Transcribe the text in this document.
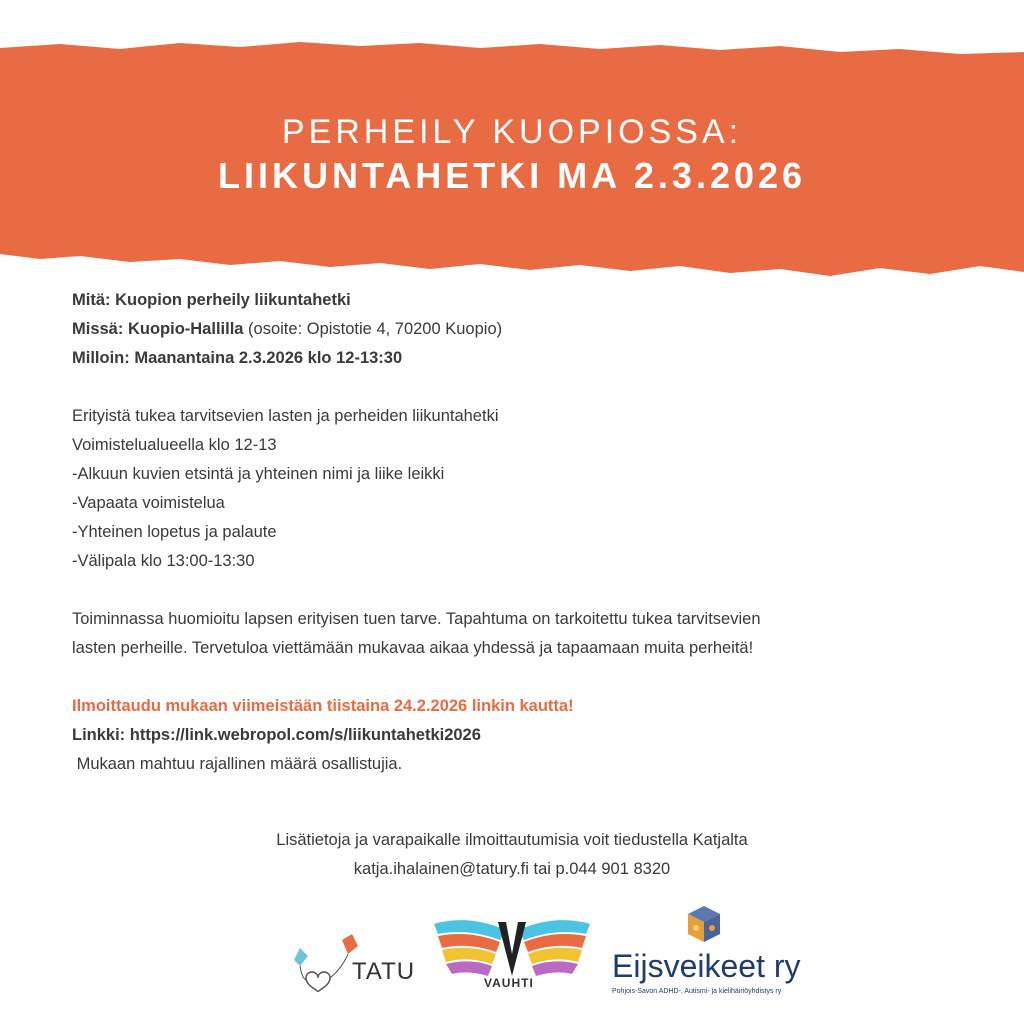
PERHEILY KUOPIOSSA:
LIIKUNTAHETKI MA 2.3.2026
Mitä: Kuopion perheily liikuntahetki
Missä: Kuopio-Hallilla (osoite: Opistotie 4, 70200 Kuopio)
Milloin: Maanantaina 2.3.2026 klo 12-13:30
Erityistä tukea tarvitsevien lasten ja perheiden liikuntahetki
Voimistelualueella klo 12-13
-Alkuun kuvien etsintä ja yhteinen nimi ja liike leikki
-Vapaata voimistelua
-Yhteinen lopetus ja palaute
-Välipala klo 13:00-13:30
Toiminnassa huomioitu lapsen erityisen tuen tarve. Tapahtuma on tarkoitettu tukea tarvitsevien
lasten perheille. Tervetuloa viettämään mukavaa aikaa yhdessä ja tapaamaan muita perheitä!
Ilmoittaudu mukaan viimeistään tiistaina 24.2.2026 linkin kautta!
Linkki: https://link.webropol.com/s/liikuntahetki2026
Mukaan mahtuu rajallinen määrä osallistujia.
Lisätietoja ja varapaikalle ilmoittautumisia voit tiedustella Katjalta
katja.ihalainen@tatury.fi tai p.044 901 8320
TATU	VAUHTI Eijsveikeet ry
Pohjois-Savon ADHD-, Autismi- ja kielihäiriöyhdistys ry
